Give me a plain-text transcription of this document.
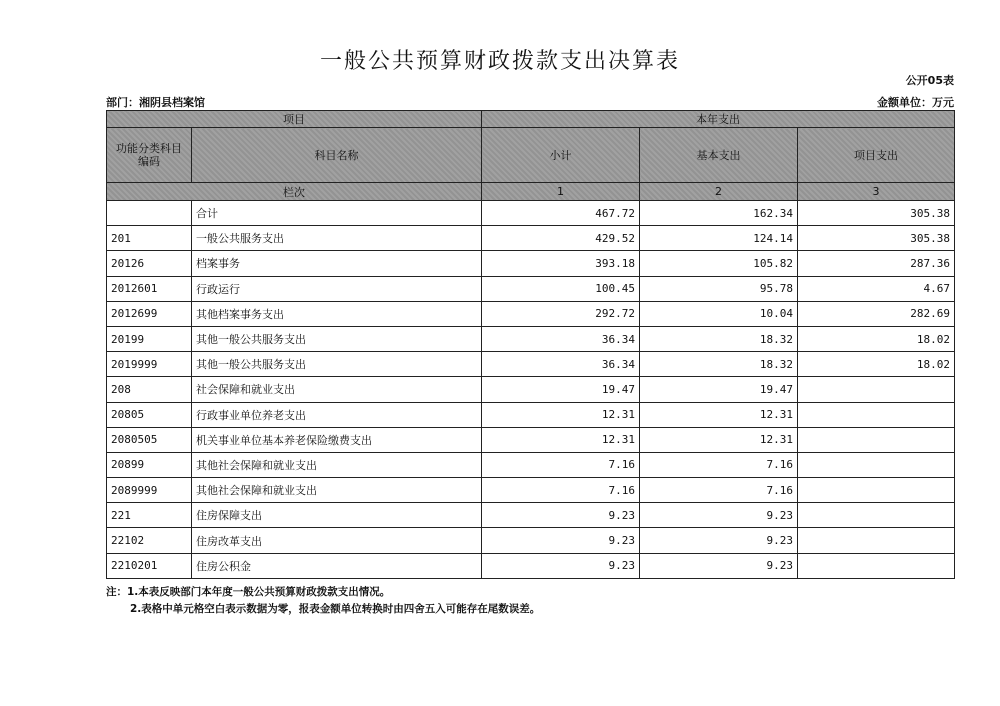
一般公共预算财政拨款支出决算表
公开05表
部门：湘阴县档案馆	金额单位：万元
项目		本年支出		
功能分类科目编码	科目名称	小计	基本支出	项目支出
栏次		1	2	3
	合计	467.72	162.34	305.38
201	一般公共服务支出	429.52	124.14	305.38
20126	档案事务	393.18	105.82	287.36
2012601	行政运行	100.45	95.78	4.67
2012699	其他档案事务支出	292.72	10.04	282.69
20199	其他一般公共服务支出	36.34	18.32	18.02
2019999	其他一般公共服务支出	36.34	18.32	18.02
208	社会保障和就业支出	19.47	19.47	
20805	行政事业单位养老支出	12.31	12.31	
2080505	机关事业单位基本养老保险缴费支出	12.31	12.31	
20899	其他社会保障和就业支出	7.16	7.16	
2089999	其他社会保障和就业支出	7.16	7.16	
221	住房保障支出	9.23	9.23	
22102	住房改革支出	9.23	9.23	
2210201	住房公积金	9.23	9.23	
注：1.本表反映部门本年度一般公共预算财政拨款支出情况。
2.表格中单元格空白表示数据为零，报表金额单位转换时由四舍五入可能存在尾数误差。
